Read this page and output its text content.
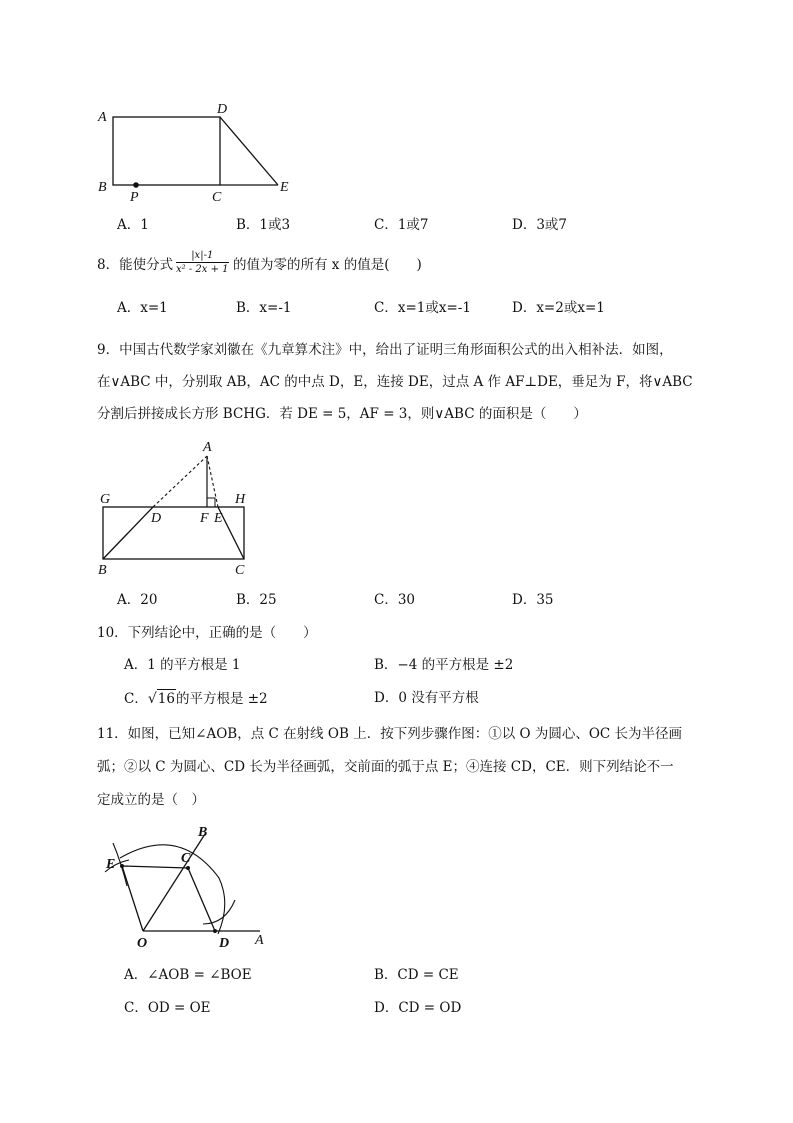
A
D
B
P	C
E
A．1	B．1或3	C．1或7	D．3或7
8．能使分式 $\frac{|x|-1}{\text{x² - 2x + 1}}$ 的值为零的所有 x 的值是(　　)
A．x=1	B．x=-1	C．x=1或x=-1	D．x=2或x=1
9．中国古代数学家刘徽在《九章算术注》中，给出了证明三角形面积公式的出入相补法．如图，
在∨ABC 中，分别取 AB，AC 的中点 D，E，连接 DE，过点 A 作 AF⊥DE，垂足为 F，将∨ABC
分割后拼接成长方形 BCHG．若 DE = 5，AF = 3，则∨ABC 的面积是（　　）
A
G	H
D	F E
B	C
A．20	B．25	C．30	D．35
10．下列结论中，正确的是（　　）
A．1 的平方根是 1	B．−4 的平方根是 ±2
C．√16的平方根是 ±2	D．0 没有平方根
11．如图，已知∠AOB，点 C 在射线 OB 上．按下列步骤作图：①以 O 为圆心、OC 长为半径画
弧；②以 C 为圆心、CD 长为半径画弧，交前面的弧于点 E；④连接 CD，CE．则下列结论不一
定成立的是（　）
B
E	C
O	D A
A．∠AOB = ∠BOE	B．CD = CE
C．OD = OE	D．CD = OD
